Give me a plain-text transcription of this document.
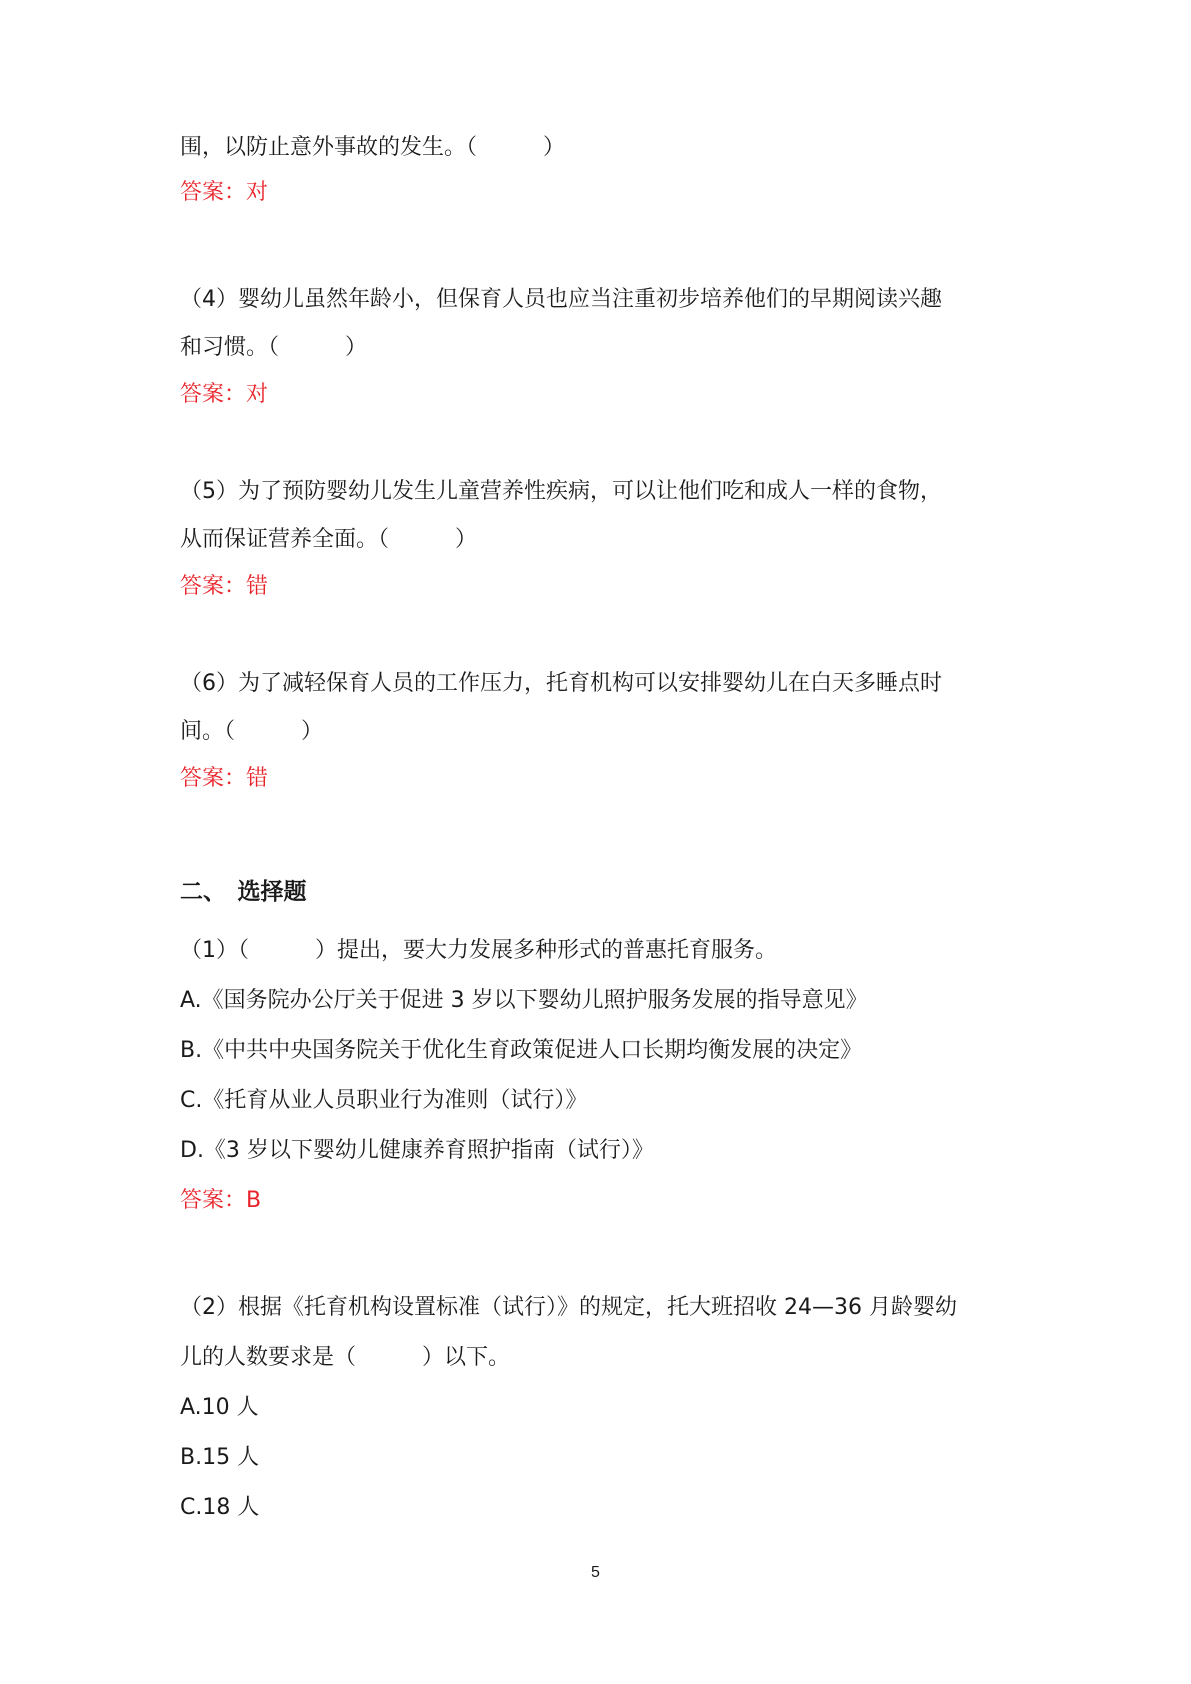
围，以防止意外事故的发生。（　　　）
答案：对
（4）婴幼儿虽然年龄小，但保育人员也应当注重初步培养他们的早期阅读兴趣
和习惯。（　　　）
答案：对
（5）为了预防婴幼儿发生儿童营养性疾病，可以让他们吃和成人一样的食物，
从而保证营养全面。（　　　）
答案：错
（6）为了减轻保育人员的工作压力，托育机构可以安排婴幼儿在白天多睡点时
间。（　　　）
答案：错
二、　选择题
（1）（　　　）提出，要大力发展多种形式的普惠托育服务。
A.《国务院办公厅关于促进 3 岁以下婴幼儿照护服务发展的指导意见》
B.《中共中央国务院关于优化生育政策促进人口长期均衡发展的决定》
C.《托育从业人员职业行为准则（试行）》
D.《3 岁以下婴幼儿健康养育照护指南（试行）》
答案：B
（2）根据《托育机构设置标准（试行）》的规定，托大班招收 24—36 月龄婴幼
儿的人数要求是（　　　）以下。
A.10 人
B.15 人
C.18 人
5
